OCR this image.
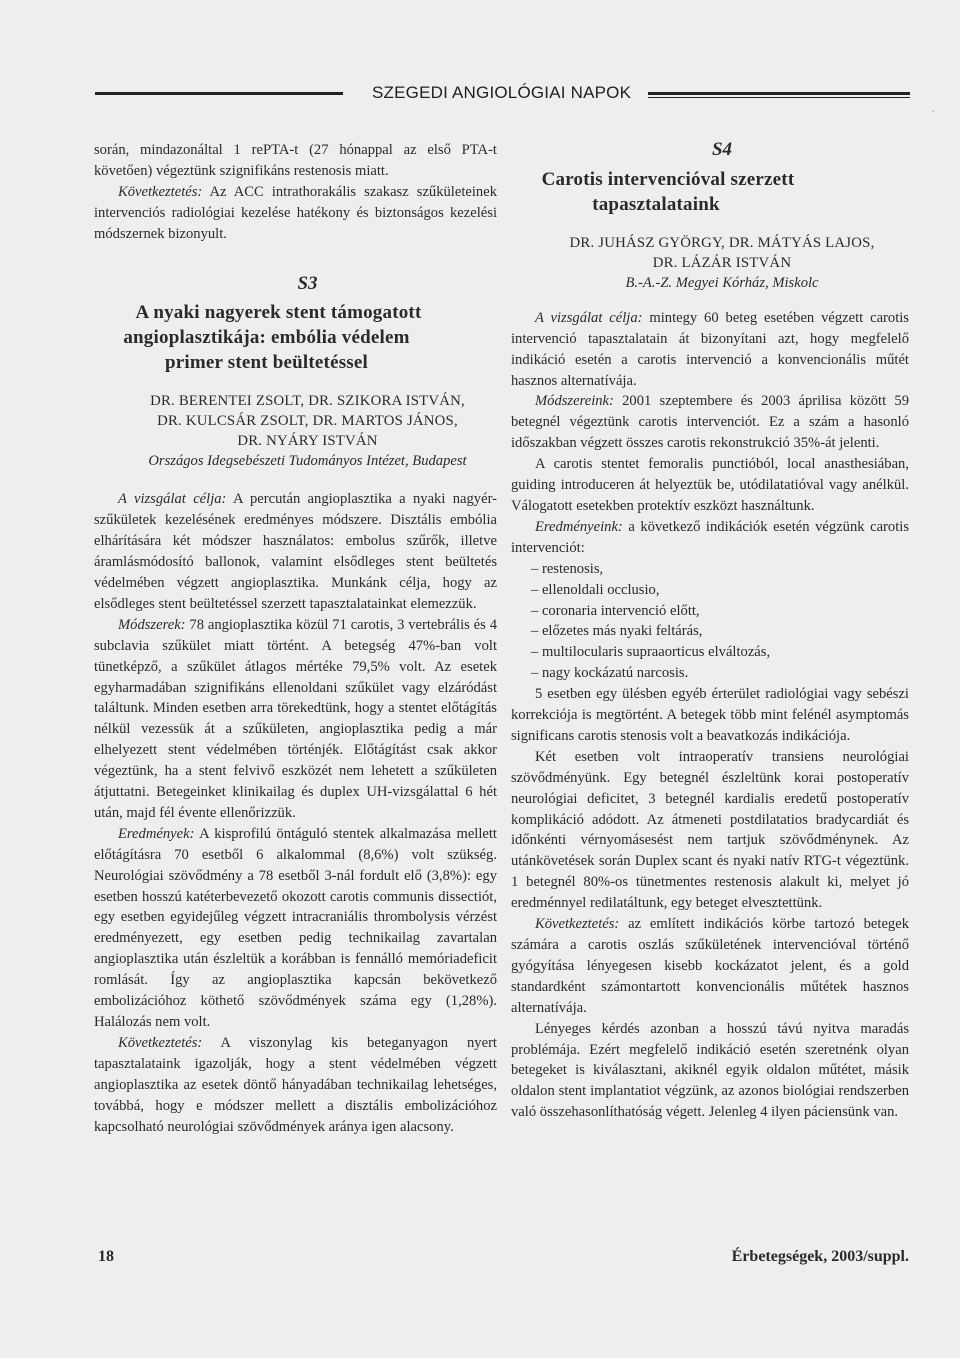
SZEGEDI ANGIOLÓGIAI NAPOK
.

során, mindazonáltal 1 rePTA-t (27 hónappal az első PTA-t követően) végeztünk szignifikáns restenosis miatt.

Következtetés: Az ACC intrathorakális szakasz szűkületeinek intervenciós radiológiai kezelése hatékony és biztonságos kezelési módszernek bizonyult.

S3

A nyaki nagyerek stent támogatott angioplasztikája: embólia védelem primer stent beültetéssel

DR. BERENTEI ZSOLT, DR. SZIKORA ISTVÁN,

DR. KULCSÁR ZSOLT, DR. MARTOS JÁNOS,

DR. NYÁRY ISTVÁN

Országos Idegsebészeti Tudományos Intézet, Budapest

A vizsgálat célja: A percután angioplasztika a nyaki nagyér-szűkületek kezelésének eredményes módszere. Disztális embólia elhárítására két módszer használatos: embolus szűrők, illetve áramlásmódosító ballonok, valamint elsődleges stent beültetés védelmében végzett angioplasztika. Munkánk célja, hogy az elsődleges stent beültetéssel szerzett tapasztalatainkat elemezzük.

Módszerek: 78 angioplasztika közül 71 carotis, 3 vertebrális és 4 subclavia szűkület miatt történt. A betegség 47%-ban volt tünetképző, a szűkület átlagos mértéke 79,5% volt. Az esetek egyharmadában szignifikáns ellenoldani szűkület vagy elzáródást találtunk. Minden esetben arra törekedtünk, hogy a stentet előtágítás nélkül vezessük át a szűkületen, angioplasztika pedig a már elhelyezett stent védelmében történjék. Előtágítást csak akkor végeztünk, ha a stent felvivő eszközét nem lehetett a szűkületen átjuttatni. Betegeinket klinikailag és duplex UH-vizsgálattal 6 hét után, majd fél évente ellenőrizzük.

Eredmények: A kisprofilú öntáguló stentek alkalmazása mellett előtágításra 70 esetből 6 alkalommal (8,6%) volt szükség. Neurológiai szövődmény a 78 esetből 3-nál fordult elő (3,8%): egy esetben hosszú katéterbevezető okozott carotis communis dissectiót, egy esetben egyidejűleg végzett intracraniális thrombolysis vérzést eredményezett, egy esetben pedig technikailag zavartalan angioplasztika után észleltük a korábban is fennálló memóriadeficit romlását. Így az angioplasztika kapcsán bekövetkező embolizációhoz köthető szövődmények száma egy (1,28%). Halálozás nem volt.

Következtetés: A viszonylag kis beteganyagon nyert tapasztalataink igazolják, hogy a stent védelmében végzett angioplasztika az esetek döntő hányadában technikailag lehetséges, továbbá, hogy e módszer mellett a disztális embolizációhoz kapcsolható neurológiai szövődmények aránya igen alacsony.

S4

Carotis intervencióval szerzett tapasztalataink

DR. JUHÁSZ GYÖRGY, DR. MÁTYÁS LAJOS,

DR. LÁZÁR ISTVÁN

B.-A.-Z. Megyei Kórház, Miskolc

A vizsgálat célja: mintegy 60 beteg esetében végzett carotis intervenció tapasztalatain át bizonyítani azt, hogy megfelelő indikáció esetén a carotis intervenció a konvencionális műtét hasznos alternatívája.

Módszereink: 2001 szeptembere és 2003 áprilisa között 59 betegnél végeztünk carotis intervenciót. Ez a szám a hasonló időszakban végzett összes carotis rekonstrukció 35%-át jelenti.

A carotis stentet femoralis punctióból, local anasthesiában, guiding introduceren át helyeztük be, utódilatatióval vagy anélkül. Válogatott esetekben protektív eszközt használtunk.

Eredményeink: a következő indikációk esetén végzünk carotis intervenciót:

– restenosis,
– ellenoldali occlusio,
– coronaria intervenció előtt,
– előzetes más nyaki feltárás,
– multilocularis supraaorticus elváltozás,
– nagy kockázatú narcosis.

5 esetben egy ülésben egyéb érterület radiológiai vagy sebészi korrekciója is megtörtént. A betegek több mint felénél asymptomás significans carotis stenosis volt a beavatkozás indikációja.

Két esetben volt intraoperatív transiens neurológiai szövődményünk. Egy betegnél észleltünk korai postoperatív neurológiai deficitet, 3 betegnél kardialis eredetű postoperatív komplikáció adódott. Az átmeneti postdilatatios bradycardiát és időnkénti vérnyomásesést nem tartjuk szövődménynek. Az utánkövetések során Duplex scant és nyaki natív RTG-t végeztünk. 1 betegnél 80%-os tünetmentes restenosis alakult ki, melyet jó eredménnyel redilatáltunk, egy beteget elvesztettünk.

Következtetés: az említett indikációs körbe tartozó betegek számára a carotis oszlás szűkületének intervencióval történő gyógyítása lényegesen kisebb kockázatot jelent, és a gold standardként számontartott konvencionális műtétek hasznos alternatívája.

Lényeges kérdés azonban a hosszú távú nyitva maradás problémája. Ezért megfelelő indikáció esetén szeretnénk olyan betegeket is kiválasztani, akiknél egyik oldalon műtétet, másik oldalon stent implantatiot végzünk, az azonos biológiai rendszerben való összehasonlíthatóság végett. Jelenleg 4 ilyen páciensünk van.

18	Érbetegségek, 2003/suppl.
